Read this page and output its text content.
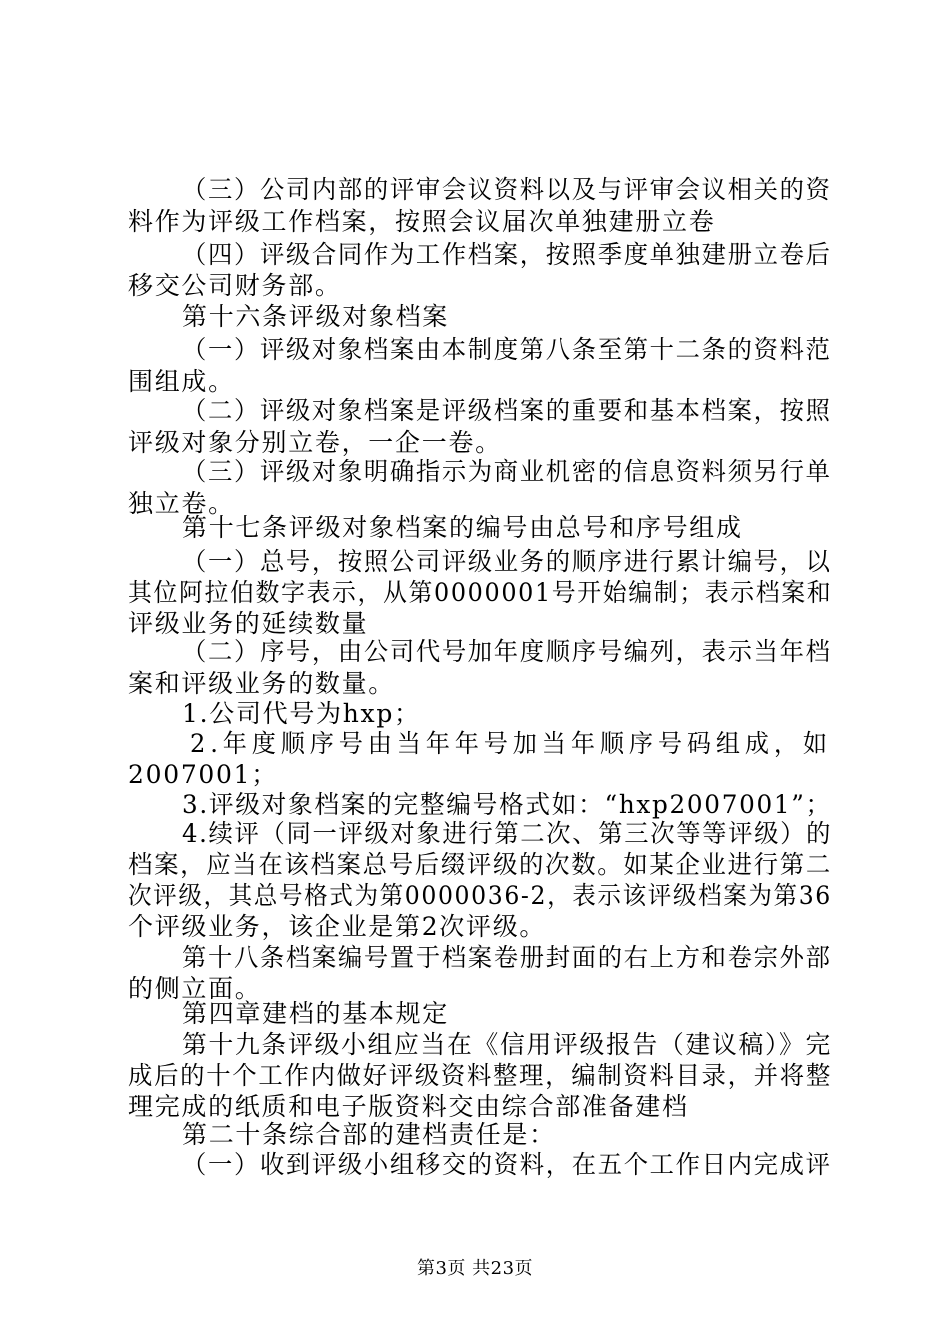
（三）公司内部的评审会议资料以及与评审会议相关的资
料作为评级工作档案，按照会议届次单独建册立卷
（四）评级合同作为工作档案，按照季度单独建册立卷后
移交公司财务部。
第十六条评级对象档案
（一）评级对象档案由本制度第八条至第十二条的资料范
围组成。
（二）评级对象档案是评级档案的重要和基本档案，按照
评级对象分别立卷，一企一卷。
（三）评级对象明确指示为商业机密的信息资料须另行单
独立卷。
第十七条评级对象档案的编号由总号和序号组成
（一）总号，按照公司评级业务的顺序进行累计编号，以
其位阿拉伯数字表示，从第0000001号开始编制；表示档案和
评级业务的延续数量
（二）序号，由公司代号加年度顺序号编列，表示当年档
案和评级业务的数量。
1.公司代号为hxp；
2.年度顺序号由当年年号加当年顺序号码组成，如
2007001；
3.评级对象档案的完整编号格式如：“hxp2007001”；
4.续评（同一评级对象进行第二次、第三次等等评级）的
档案，应当在该档案总号后缀评级的次数。如某企业进行第二
次评级，其总号格式为第0000036-2，表示该评级档案为第36
个评级业务，该企业是第2次评级。
第十八条档案编号置于档案卷册封面的右上方和卷宗外部
的侧立面。
第四章建档的基本规定
第十九条评级小组应当在《信用评级报告（建议稿）》完
成后的十个工作内做好评级资料整理，编制资料目录，并将整
理完成的纸质和电子版资料交由综合部准备建档
第二十条综合部的建档责任是：
（一）收到评级小组移交的资料，在五个工作日内完成评
第3页 共23页
